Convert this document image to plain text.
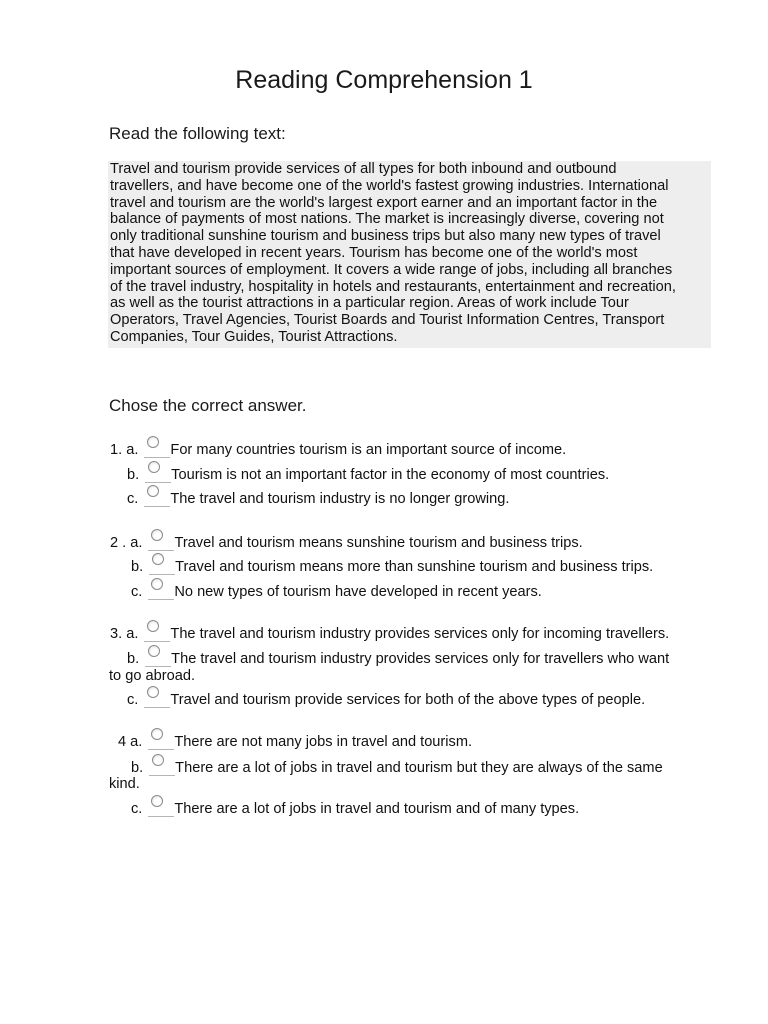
Reading Comprehension 1
Read the following text:
Travel and tourism provide services of all types for both inbound and outbound
travellers, and have become one of the world's fastest growing industries. International
travel and tourism are the world's largest export earner and an important factor in the
balance of payments of most nations. The market is increasingly diverse, covering not
only traditional sunshine tourism and business trips but also many new types of travel
that have developed in recent years. Tourism has become one of the world's most
important sources of employment. It covers a wide range of jobs, including all branches
of the travel industry, hospitality in hotels and restaurants, entertainment and recreation,
as well as the tourist attractions in a particular region. Areas of work include Tour
Operators, Travel Agencies, Tourist Boards and Tourist Information Centres, Transport
Companies, Tour Guides, Tourist Attractions.
Chose the correct answer.
1. a. For many countries tourism is an important source of income.
b. Tourism is not an important factor in the economy of most countries.
c. The travel and tourism industry is no longer growing.
2 . a. Travel and tourism means sunshine tourism and business trips.
b. Travel and tourism means more than sunshine tourism and business trips.
c. No new types of tourism have developed in recent years.
3. a. The travel and tourism industry provides services only for incoming travellers.
b. The travel and tourism industry provides services only for travellers who want
to go abroad.
c. Travel and tourism provide services for both of the above types of people.
4 a. There are not many jobs in travel and tourism.
b. There are a lot of jobs in travel and tourism but they are always of the same
kind.
c. There are a lot of jobs in travel and tourism and of many types.
